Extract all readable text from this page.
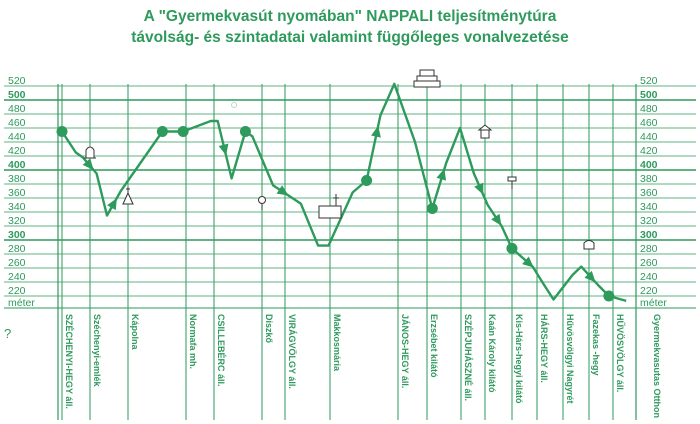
A "Gyermekvasút nyomában" NAPPALI teljesítménytúra
távolság- és szintadatai valamint függőleges vonalvezetése
?
520	520
500	500
480	480
460	460
440	440
420	420
400	400
380	380
360	360
340	340
320	320
300	300
280	280
260	260
240	240
220	220
méter	méter
SZÉCHENYI-HEGY áll. Széchenyi-emlék	Kápolna	Normafa mh. CSILLEBÉRC áll.	Diszkő VIRÁGVÖLGY áll.	Makkosmária	JÁNOS-HEGY áll. Erzsébet kilátó	SZÉPJUHÁSZNÉ áll. Kaán Károly kilátó Kis-Hárs-hegyi kilátó HÁRS-HEGY áll. Hűvösvölgyi Nagyrét Fazekas -hegy HŰVÖSVÖLGY áll.	Gyermekvasutas Otthon
